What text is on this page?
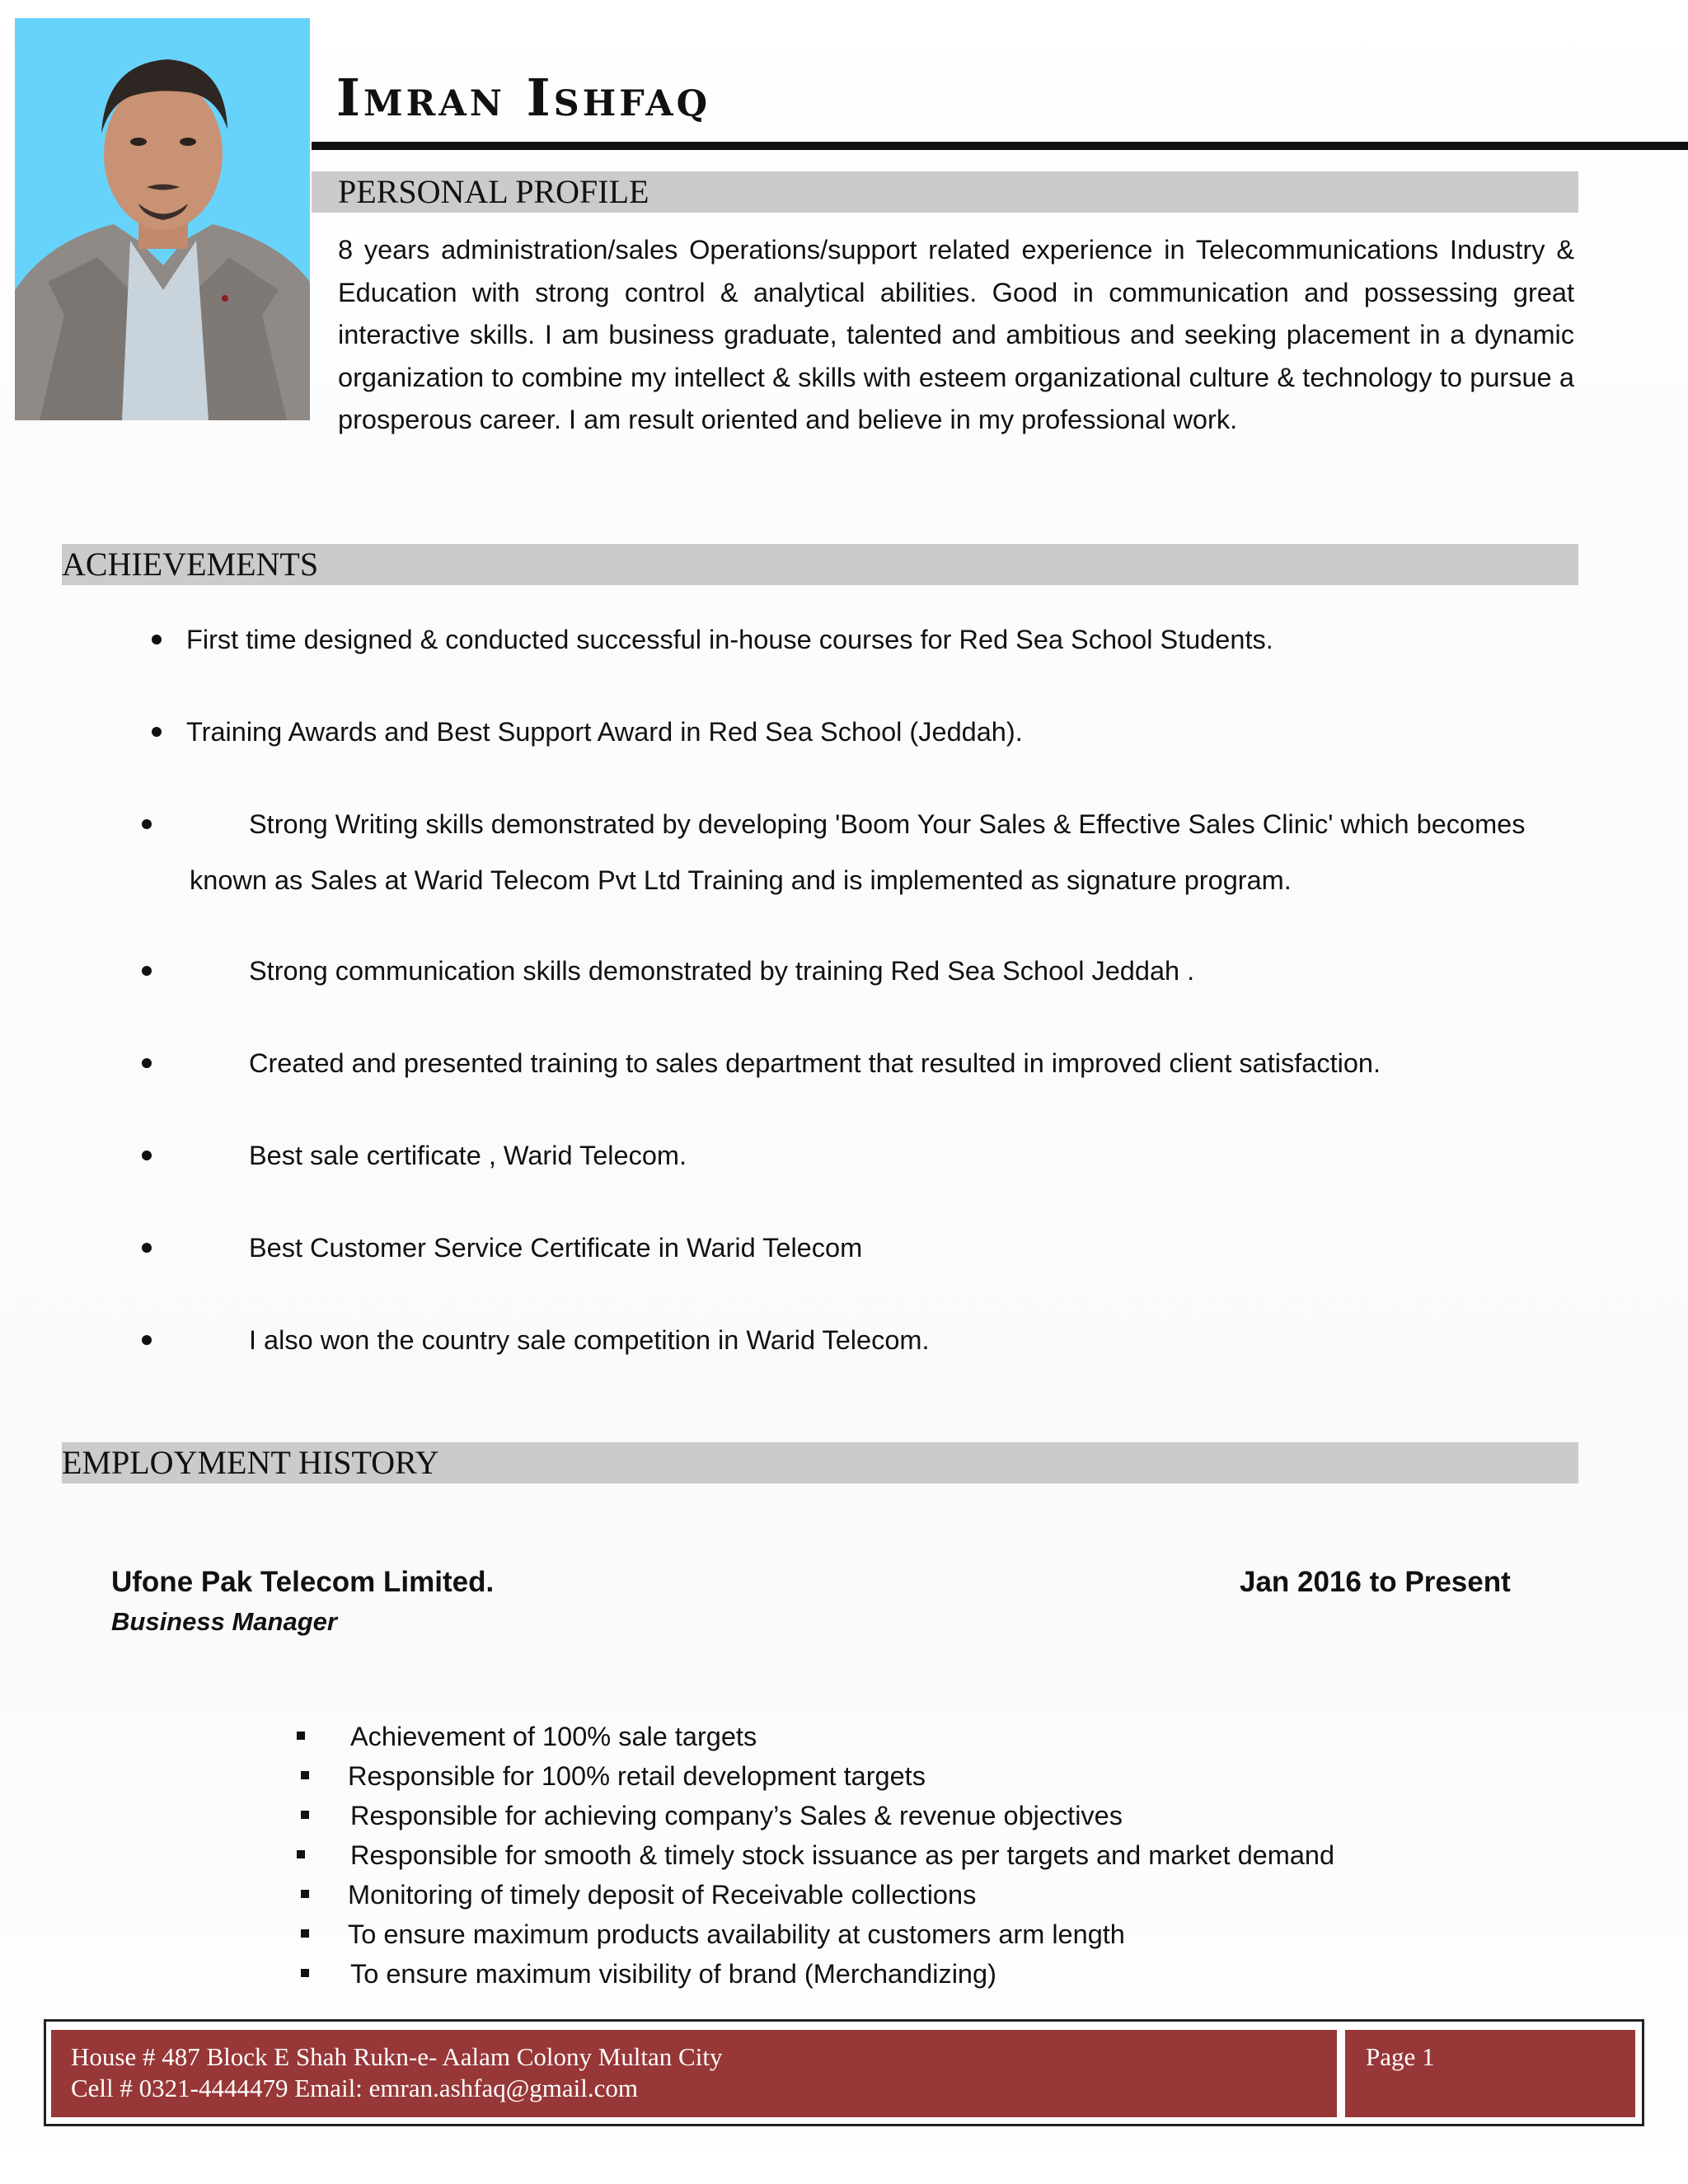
Imran Ishfaq
PERSONAL PROFILE
8 years administration/sales Operations/support related experience in Telecommunications Industry & Education with strong control & analytical abilities. Good in communication and possessing great interactive skills. I am business graduate, talented and ambitious and seeking placement in a dynamic organization to combine my intellect & skills with esteem organizational culture & technology to pursue a prosperous career. I am result oriented and believe in my professional work.
ACHIEVEMENTS
First time designed & conducted successful in-house courses for Red Sea School Students.
Training Awards and Best Support Award in Red Sea School (Jeddah).
Strong Writing skills demonstrated by developing 'Boom Your Sales & Effective Sales Clinic' which becomes
known as Sales at Warid Telecom Pvt Ltd Training and is implemented as signature program.
Strong communication skills demonstrated by training Red Sea School Jeddah .
Created and presented training to sales department that resulted in improved client satisfaction.
Best sale certificate , Warid Telecom.
Best Customer Service Certificate in Warid Telecom
I also won the country sale competition in Warid Telecom.
EMPLOYMENT HISTORY
Ufone Pak Telecom Limited.	Jan 2016 to Present
Business Manager
Achievement of 100% sale targets
Responsible for 100% retail development targets
Responsible for achieving company’s Sales & revenue objectives
Responsible for smooth & timely stock issuance as per targets and market demand
Monitoring of timely deposit of Receivable collections
To ensure maximum products availability at customers arm length
To ensure maximum visibility of brand (Merchandizing)
House # 487 Block E Shah Rukn-e- Aalam Colony Multan City
Cell # 0321-4444479 Email: emran.ashfaq@gmail.com
Page 1
